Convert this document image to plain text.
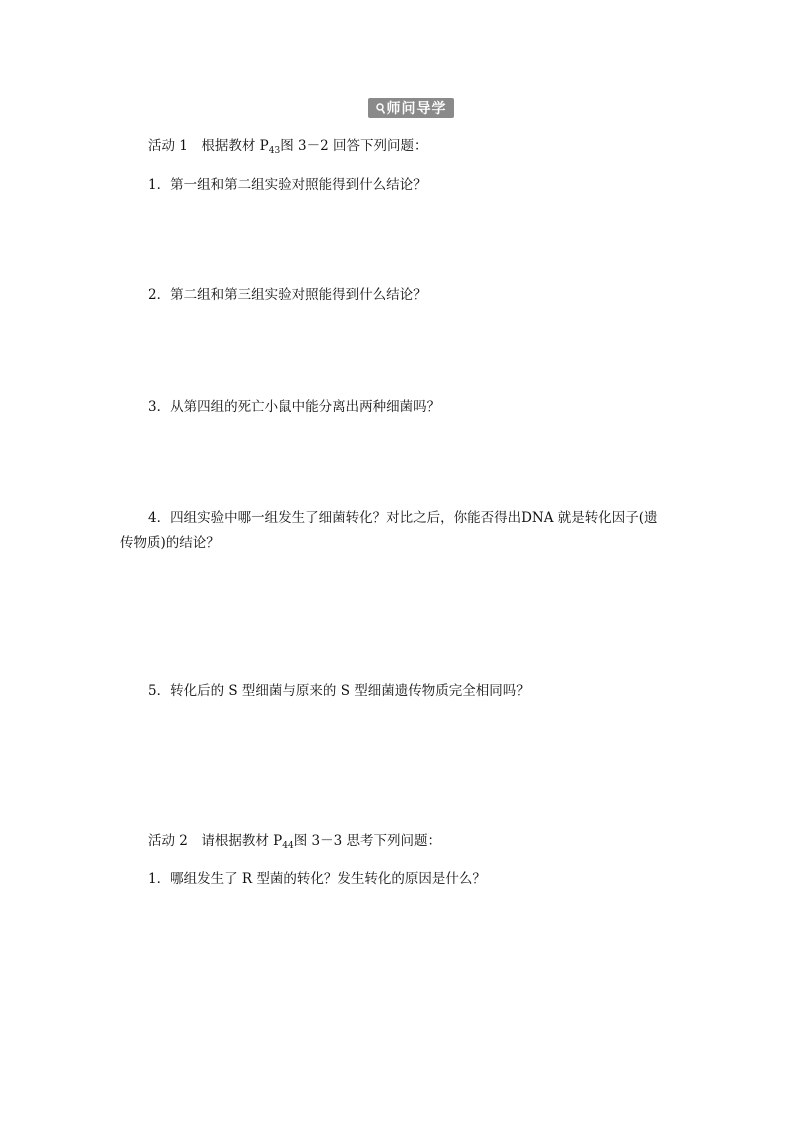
师问导学
活动 1　根据教材 $P_{43}$图 3－2 回答下列问题：
1．第一组和第二组实验对照能得到什么结论？
2．第二组和第三组实验对照能得到什么结论？
3．从第四组的死亡小鼠中能分离出两种细菌吗？
4．四组实验中哪一组发生了细菌转化？对比之后，你能否得出DNA 就是转化因子(遗
传物质)的结论？
5．转化后的 S 型细菌与原来的 S 型细菌遗传物质完全相同吗？
活动 2　请根据教材 $P_{44}$图 3－3 思考下列问题：
1．哪组发生了 R 型菌的转化？发生转化的原因是什么？
